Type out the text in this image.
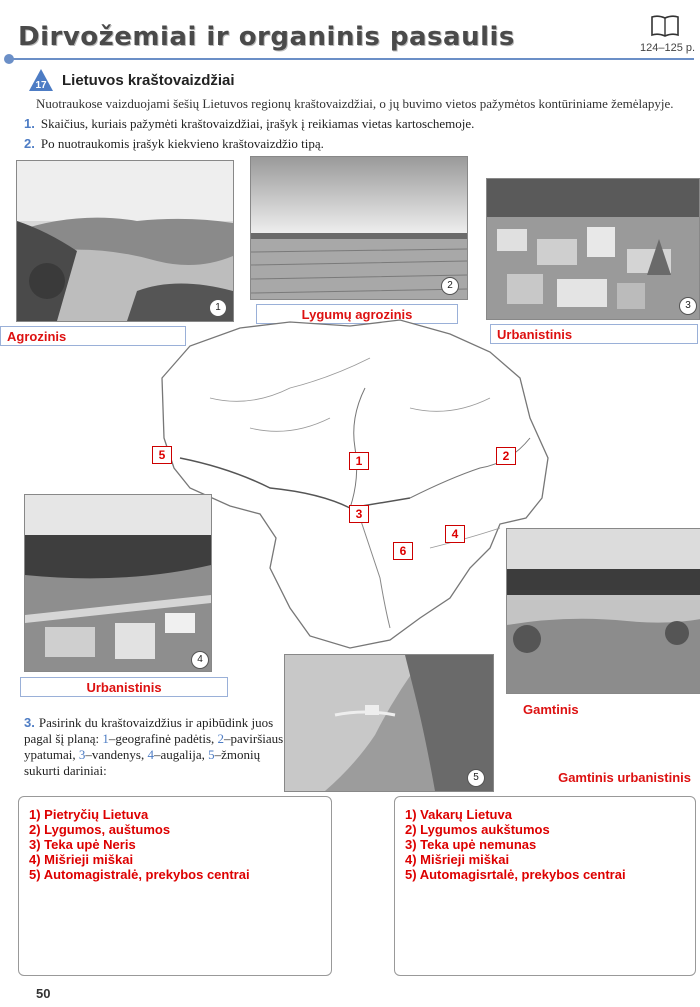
Dirvožemiai ir organinis pasaulis	124–125 p.
17 Lietuvos kraštovaizdžiai
Nuotraukose vaizduojami šešių Lietuvos regionų kraštovaizdžiai, o jų buvimo vietos pažymėtos kontūriniame žemėlapyje.
1. Skaičius, kuriais pažymėti kraštovaizdžiai, įrašyk į reikiamas vietas kartoschemoje.
2. Po nuotraukomis įrašyk kiekvieno kraštovaizdžio tipą.
1
2
3
Agrozinis
Lygumų agrozinis
Urbanistinis
5	1	2
3
4
6
4
Urbanistinis
Gamtinis
5	Gamtinis urbanistinis
3. Pasirink du kraštovaizdžius ir apibūdink juos pagal šį planą: 1–geografinė padėtis, 2–paviršiaus ypatumai, 3–vandenys, 4–augalija, 5–žmonių sukurti dariniai:
1) Pietryčių Lietuva
2) Lygumos, auštumos
3) Teka upė Neris
4) Mišrieji miškai
5) Automagistralė, prekybos centrai
1) Vakarų Lietuva
2) Lygumos aukštumos
3) Teka upė nemunas
4) Mišrieji miškai
5) Automagisrtalė, prekybos centrai
50
